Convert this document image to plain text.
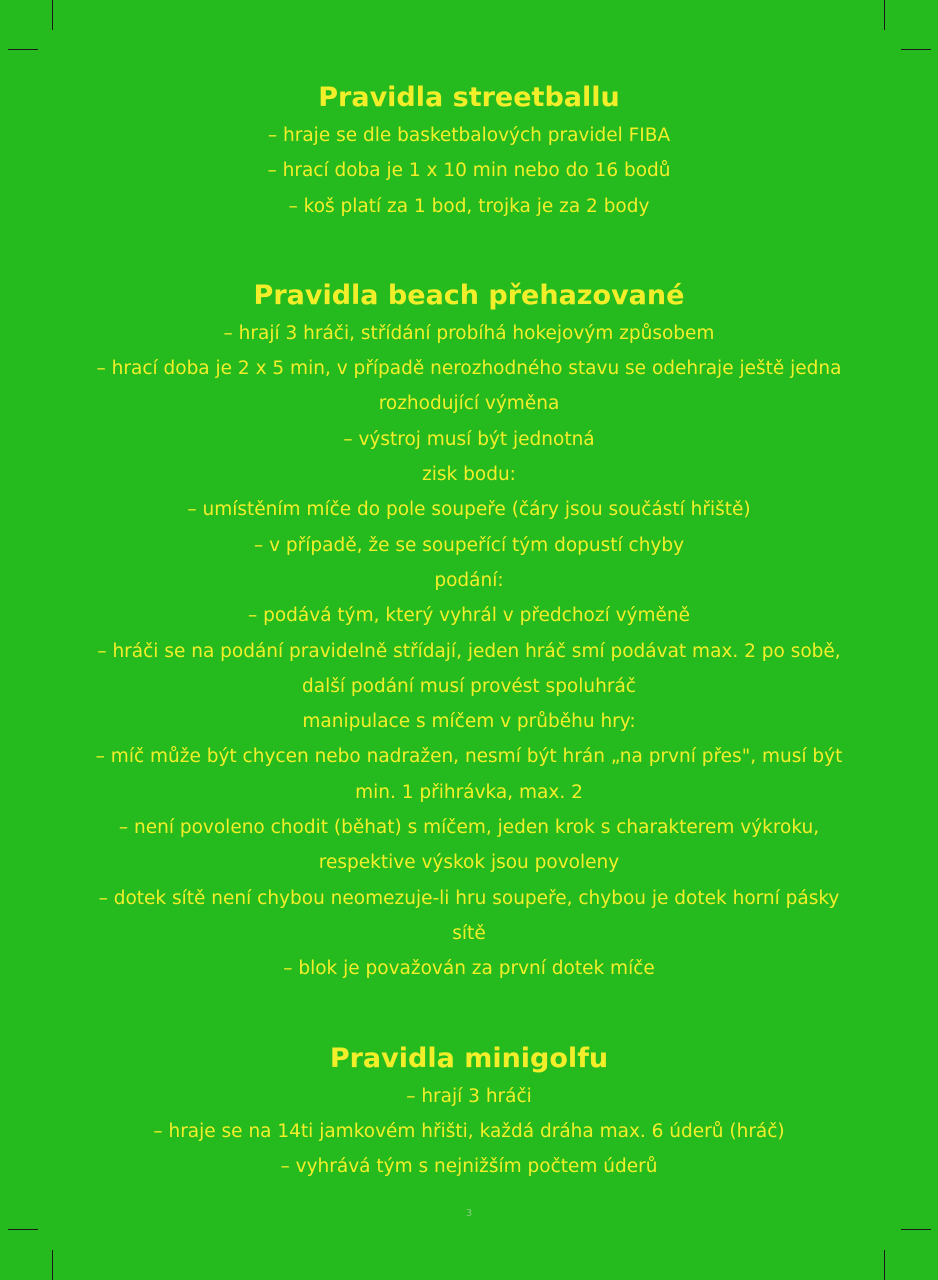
Pravidla streetballu

– hraje se dle basketbalových pravidel FIBA

– hrací doba je 1 x 10 min nebo do 16 bodů

– koš platí za 1 bod, trojka je za 2 body

Pravidla beach přehazované

– hrají 3 hráči, střídání probíhá hokejovým způsobem

– hrací doba je 2 x 5 min, v případě nerozhodného stavu se odehraje ještě jedna

rozhodující výměna

– výstroj musí být jednotná

zisk bodu:

– umístěním míče do pole soupeře (čáry jsou součástí hřiště)

– v případě, že se soupeřící tým dopustí chyby

podání:

– podává tým, který vyhrál v předchozí výměně

– hráči se na podání pravidelně střídají, jeden hráč smí podávat max. 2 po sobě,

další podání musí provést spoluhráč

manipulace s míčem v průběhu hry:

– míč může být chycen nebo nadražen, nesmí být hrán „na první přes", musí být

min. 1 přihrávka, max. 2

– není povoleno chodit (běhat) s míčem, jeden krok s charakterem výkroku,

respektive výskok jsou povoleny

– dotek sítě není chybou neomezuje-li hru soupeře, chybou je dotek horní pásky

sítě

– blok je považován za první dotek míče

Pravidla minigolfu

– hrají 3 hráči

– hraje se na 14ti jamkovém hřišti, každá dráha max. 6 úderů (hráč)

– vyhrává tým s nejnižším počtem úderů

3
